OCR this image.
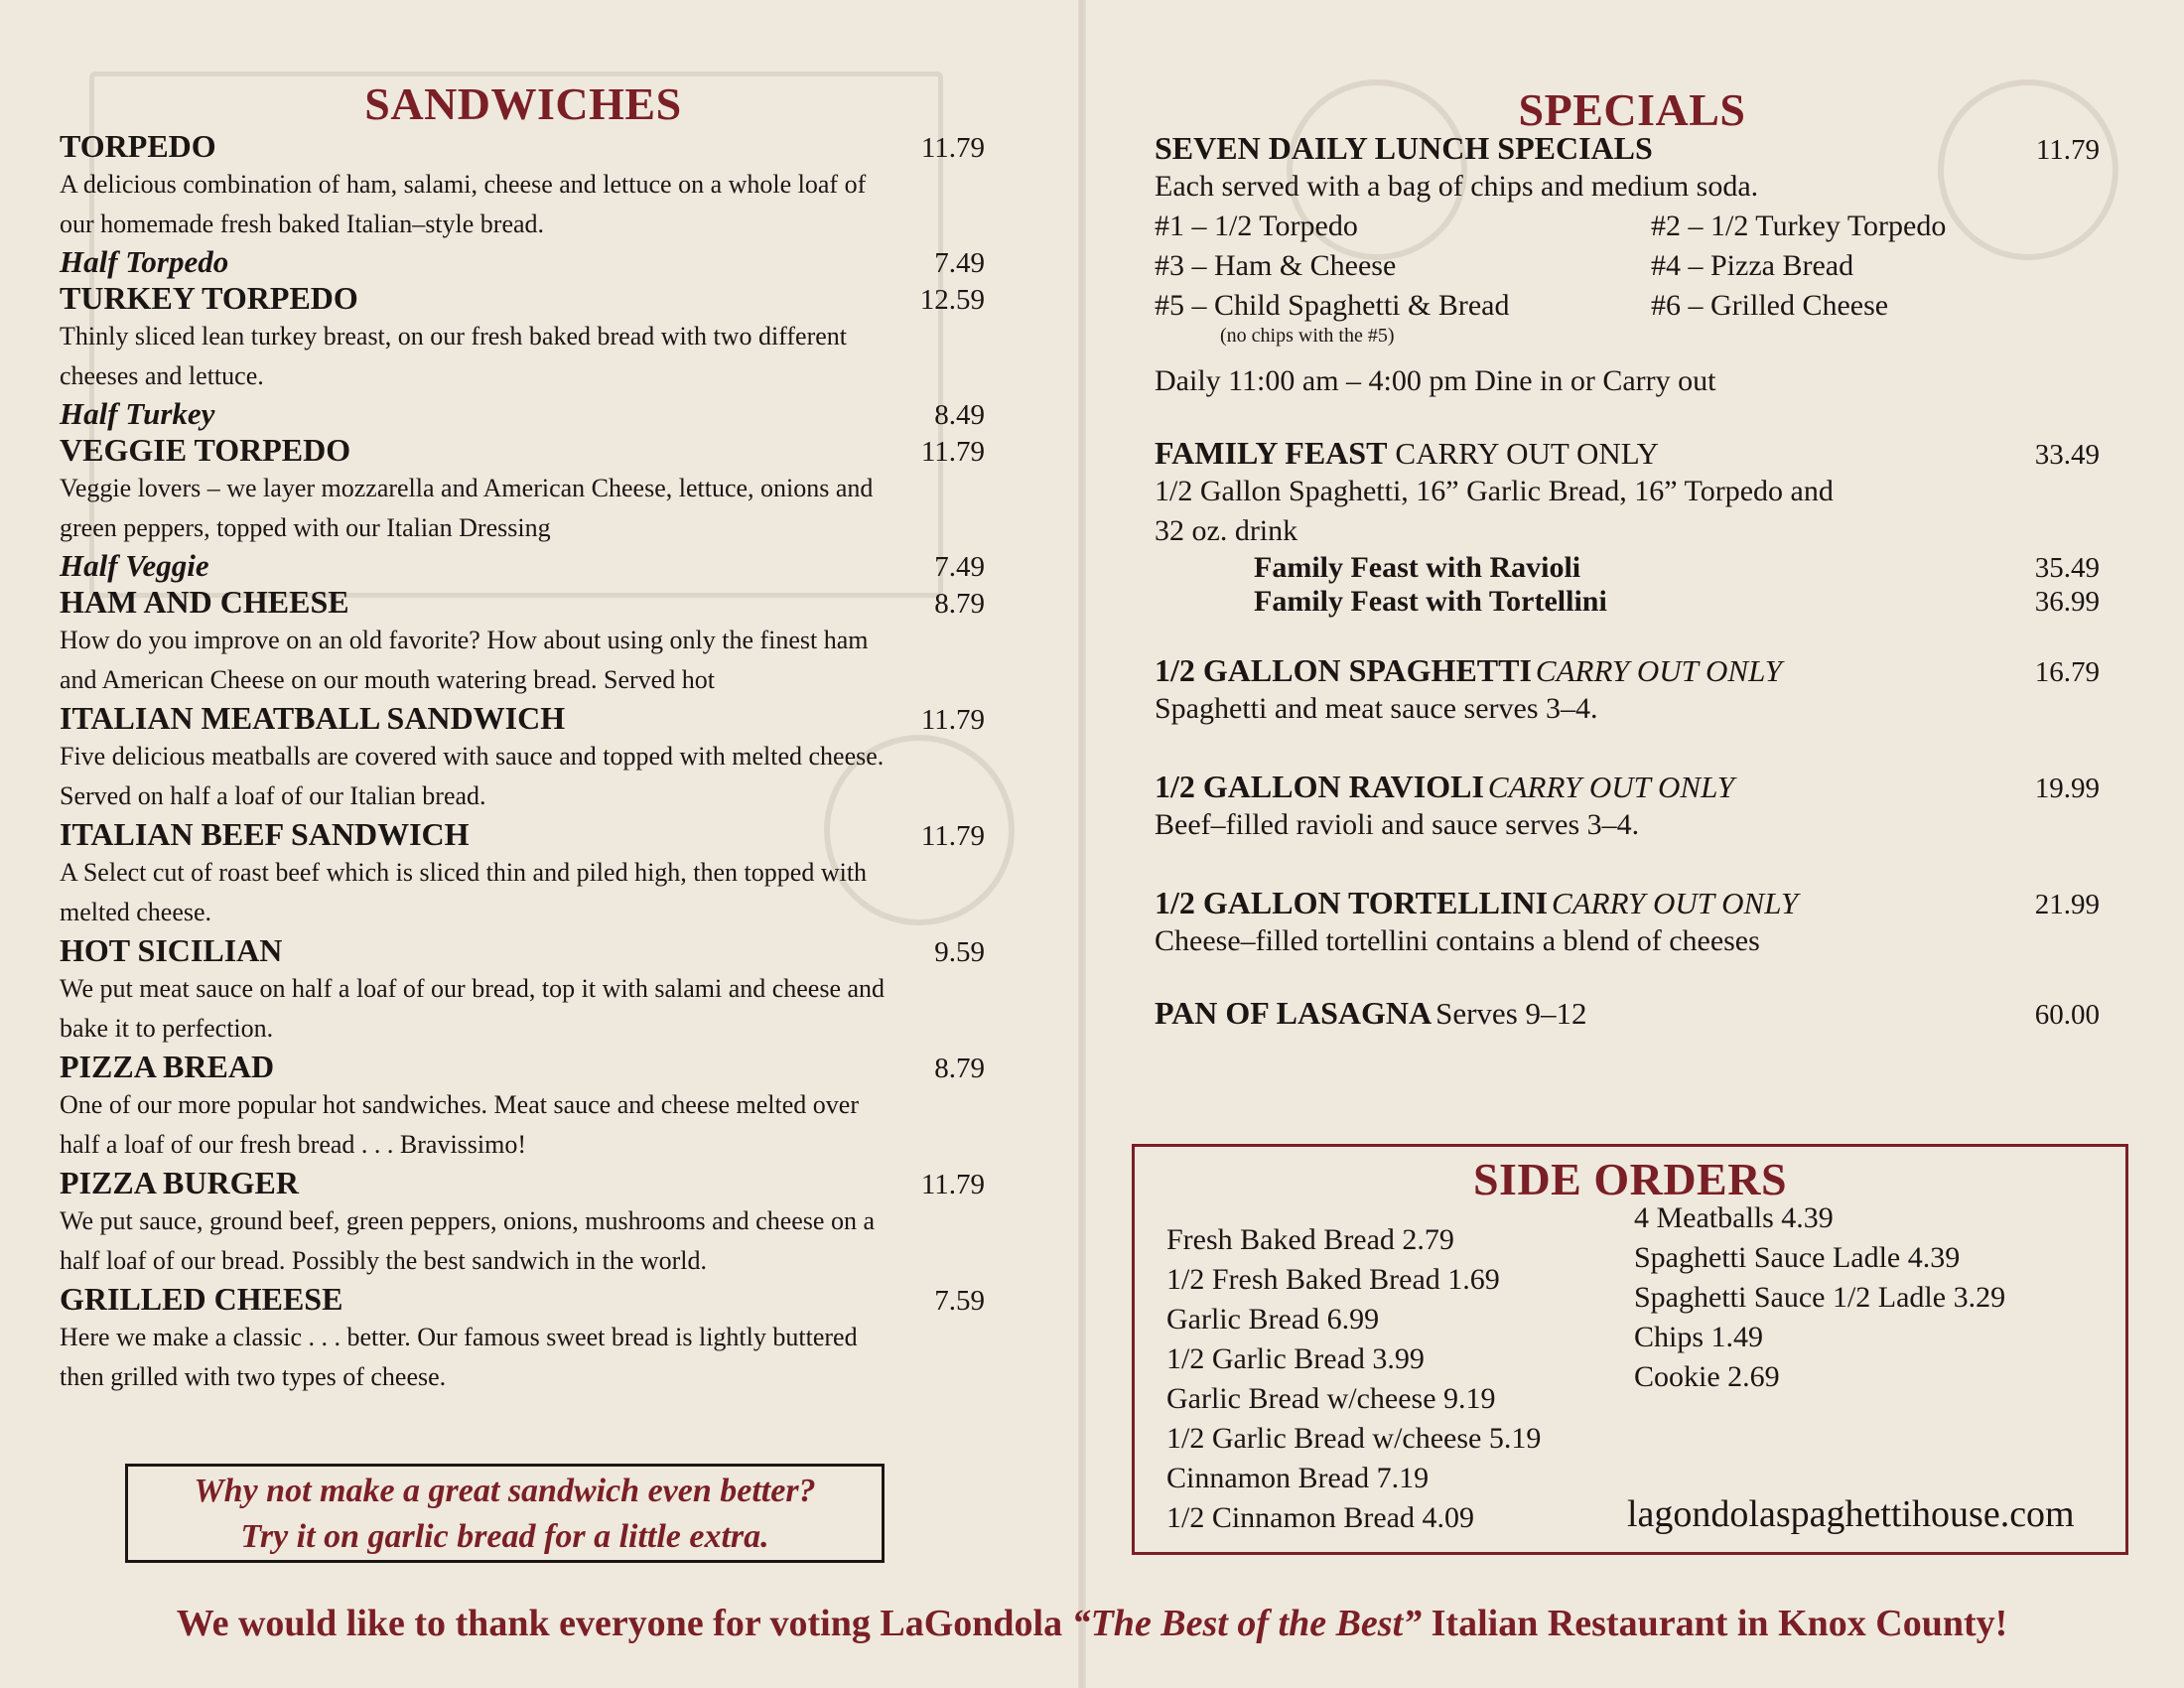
SANDWICHES
TORPEDO	11.79
A delicious combination of ham, salami, cheese and lettuce on a whole loaf of our homemade fresh baked Italian–style bread.
Half Torpedo	7.49
TURKEY TORPEDO	12.59
Thinly sliced lean turkey breast, on our fresh baked bread with two different cheeses and lettuce.
Half Turkey	8.49
VEGGIE TORPEDO	11.79
Veggie lovers – we layer mozzarella and American Cheese, lettuce, onions and green peppers, topped with our Italian Dressing
Half Veggie	7.49
HAM AND CHEESE	8.79
How do you improve on an old favorite? How about using only the finest ham and American Cheese on our mouth watering bread. Served hot
ITALIAN MEATBALL SANDWICH	11.79
Five delicious meatballs are covered with sauce and topped with melted cheese. Served on half a loaf of our Italian bread.
ITALIAN BEEF SANDWICH	11.79
A Select cut of roast beef which is sliced thin and piled high, then topped with melted cheese.
HOT SICILIAN	9.59
We put meat sauce on half a loaf of our bread, top it with salami and cheese and bake it to perfection.
PIZZA BREAD	8.79
One of our more popular hot sandwiches. Meat sauce and cheese melted over half a loaf of our fresh bread . . . Bravissimo!
PIZZA BURGER	11.79
We put sauce, ground beef, green peppers, onions, mushrooms and cheese on a half loaf of our bread. Possibly the best sandwich in the world.
GRILLED CHEESE	7.59
Here we make a classic . . . better. Our famous sweet bread is lightly buttered then grilled with two types of cheese.
Why not make a great sandwich even better?
Try it on garlic bread for a little extra.
SPECIALS
SEVEN DAILY LUNCH SPECIALS	11.79
Each served with a bag of chips and medium soda.
#1 – 1/2 Torpedo	#2 – 1/2 Turkey Torpedo
#3 – Ham & Cheese	#4 – Pizza Bread
#5 – Child Spaghetti & Bread	#6 – Grilled Cheese
(no chips with the #5)
Daily 11:00 am – 4:00 pm Dine in or Carry out
FAMILY FEAST CARRY OUT ONLY	33.49
1/2 Gallon Spaghetti, 16” Garlic Bread, 16” Torpedo and 32 oz. drink
Family Feast with Ravioli	35.49
Family Feast with Tortellini	36.99
1/2 GALLON SPAGHETTI CARRY OUT ONLY	16.79
Spaghetti and meat sauce serves 3–4.
1/2 GALLON RAVIOLI CARRY OUT ONLY	19.99
Beef–filled ravioli and sauce serves 3–4.
1/2 GALLON TORTELLINI CARRY OUT ONLY	21.99
Cheese–filled tortellini contains a blend of cheeses
PAN OF LASAGNA Serves 9–12	60.00
SIDE ORDERS
Fresh Baked Bread 2.79
1/2 Fresh Baked Bread 1.69
Garlic Bread 6.99
1/2 Garlic Bread 3.99
Garlic Bread w/cheese 9.19
1/2 Garlic Bread w/cheese 5.19
Cinnamon Bread 7.19
1/2 Cinnamon Bread 4.09
4 Meatballs 4.39
Spaghetti Sauce Ladle 4.39
Spaghetti Sauce 1/2 Ladle 3.29
Chips 1.49
Cookie 2.69
lagondolaspaghettihouse.com
We would like to thank everyone for voting LaGondola “The Best of the Best” Italian Restaurant in Knox County!
